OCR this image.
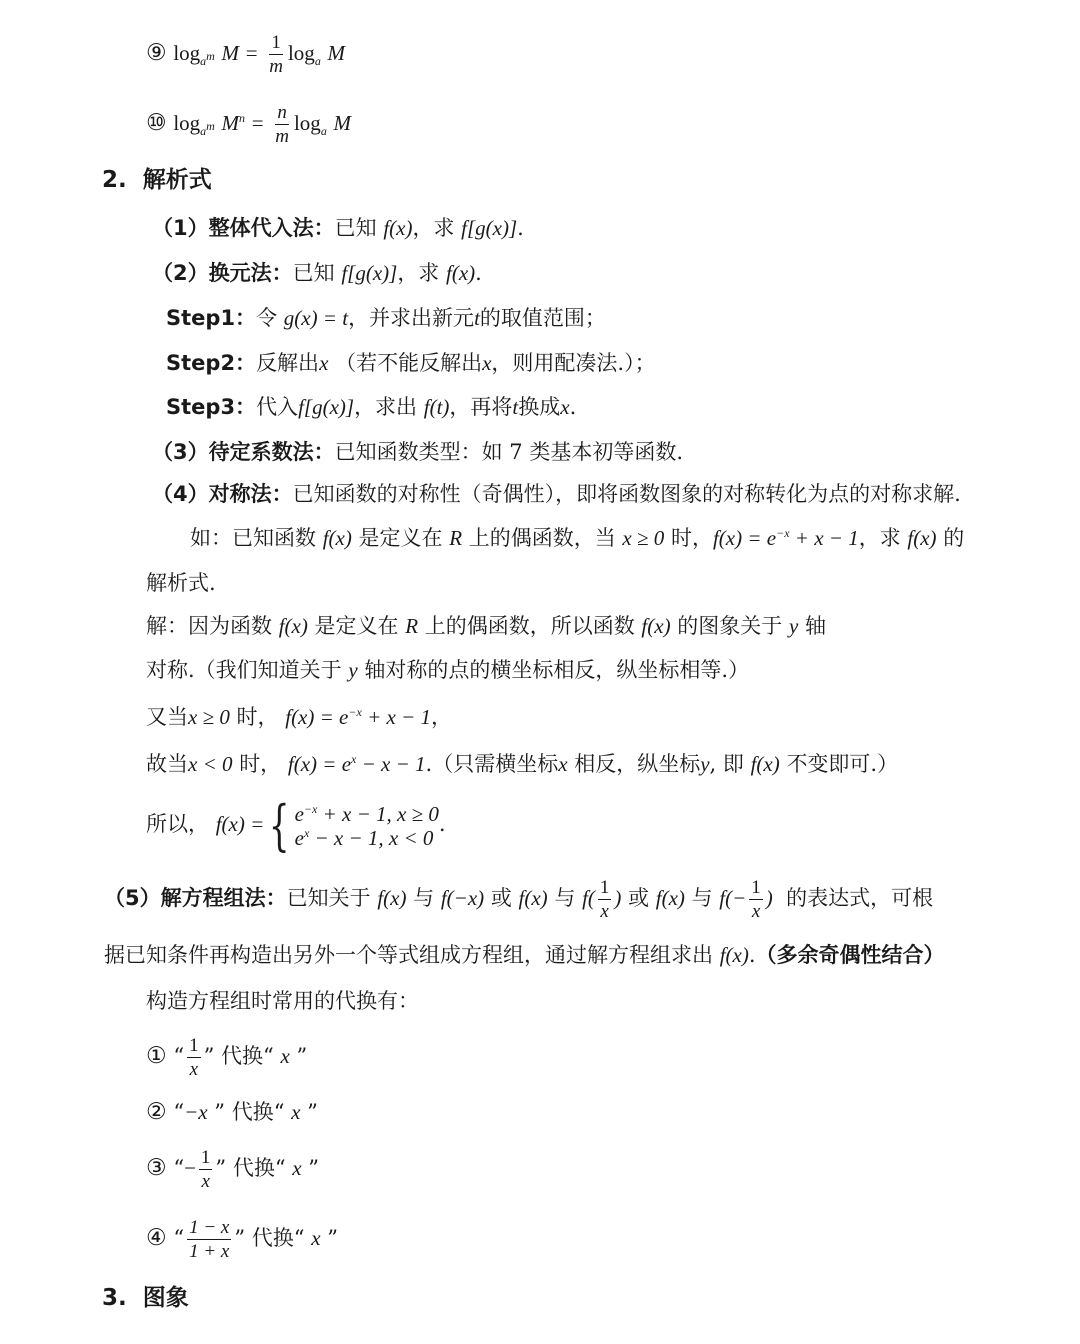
⑨ $\log_{a^m} M = \frac{1}{m} \log_a M$
⑩ $\log_{a^m} M^n = \frac{n}{m} \log_a M$
2. 解析式
（1）整体代入法：已知 f(x)，求 f[g(x)].
（2）换元法：已知 f[g(x)]，求 f(x).
Step1：令 g(x) = t，并求出新元t的取值范围；
Step2：反解出x （若不能反解出x，则用配凑法.）；
Step3：代入f[g(x)]，求出 f(t)，再将t换成x.
（3）待定系数法：已知函数类型：如 7 类基本初等函数.
（4）对称法：已知函数的对称性（奇偶性），即将函数图象的对称转化为点的对称求解.
如：已知函数 f(x) 是定义在 R 上的偶函数，当 x ≥ 0 时，$f(x) = e^{-x} + x - 1$，求 f(x) 的
解析式.
解：因为函数 f(x) 是定义在 R 上的偶函数，所以函数 f(x) 的图象关于 y 轴
对称.（我们知道关于 y 轴对称的点的横坐标相反，纵坐标相等.）
又当x ≥ 0 时， $f(x) = e^{-x} + x - 1$，
故当x < 0 时， $f(x) = e^x - x - 1$.（只需横坐标x 相反，纵坐标y, 即 f(x) 不变即可.）
所以， f(x) ={ $e^{-x} + x - 1$, x ≥ 0
$e^x - x - 1$, x < 0
.
（5）解方程组法：已知关于 f(x) 与 f(−x) 或 f(x) 与 $f( \frac{1}{x}$ ) 或 f(x) 与 $f(- \frac{1}{x}$ ) 的表达式，可根
据已知条件再构造出另外一个等式组成方程组，通过解方程组求出 f(x).（多余奇偶性结合）
构造方程组时常用的代换有：
① “ $\frac{1}{x}$ ” 代换“ x ”
② “−x ” 代换“ x ”
③ “− $\frac{1}{x}$ ” 代换“ x ”
④ “ $\frac{1 - x}{1 + x}$ ” 代换“ x ”
3. 图象
